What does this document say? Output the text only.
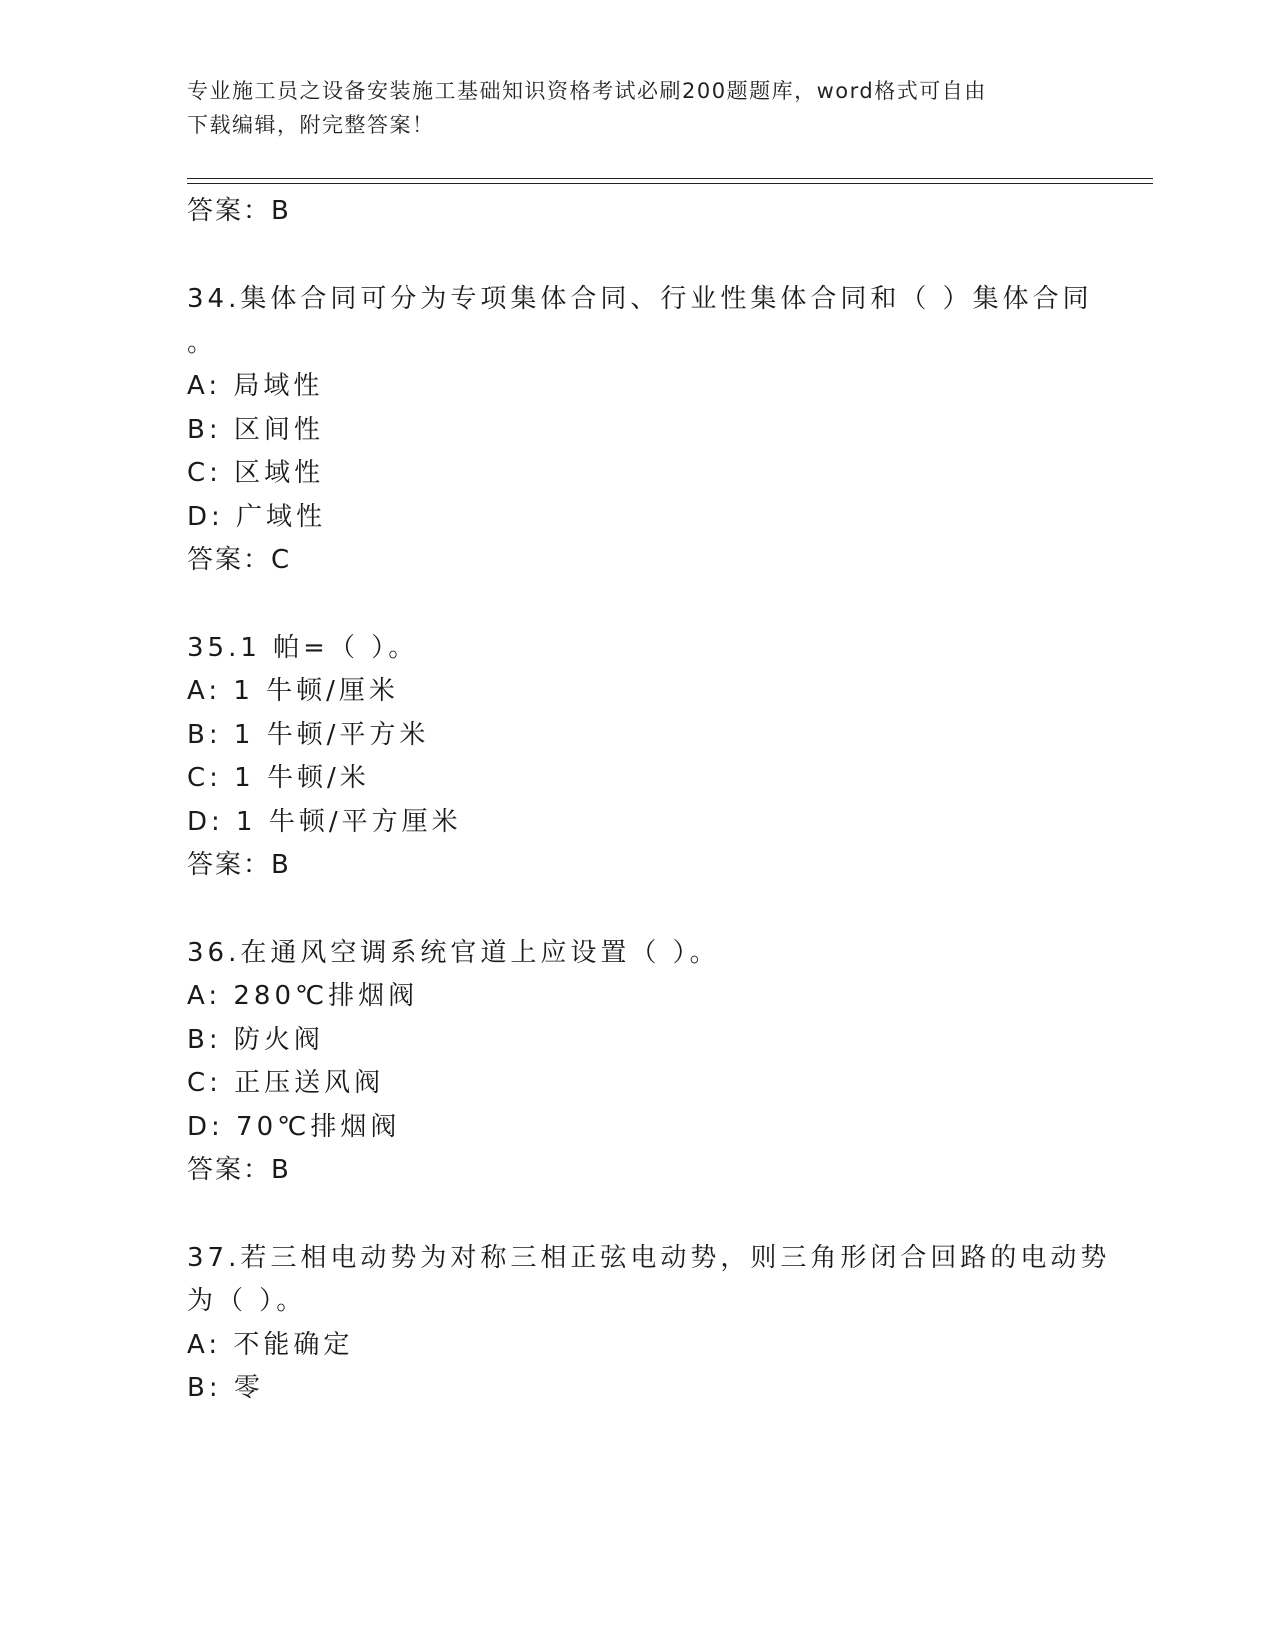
专业施工员之设备安装施工基础知识资格考试必刷200题题库，word格式可自由
下载编辑，附完整答案！
答案：B
34.集体合同可分为专项集体合同、行业性集体合同和（ ）集体合同
。
A: 局域性
B: 区间性
C: 区域性
D: 广域性
答案：C
35.1 帕=（ ）。
A: 1 牛顿/厘米
B: 1 牛顿/平方米
C: 1 牛顿/米
D: 1 牛顿/平方厘米
答案：B
36.在通风空调系统官道上应设置（ ）。
A: 280℃排烟阀
B: 防火阀
C: 正压送风阀
D: 70℃排烟阀
答案：B
37.若三相电动势为对称三相正弦电动势，则三角形闭合回路的电动势
为（ ）。
A: 不能确定
B: 零
